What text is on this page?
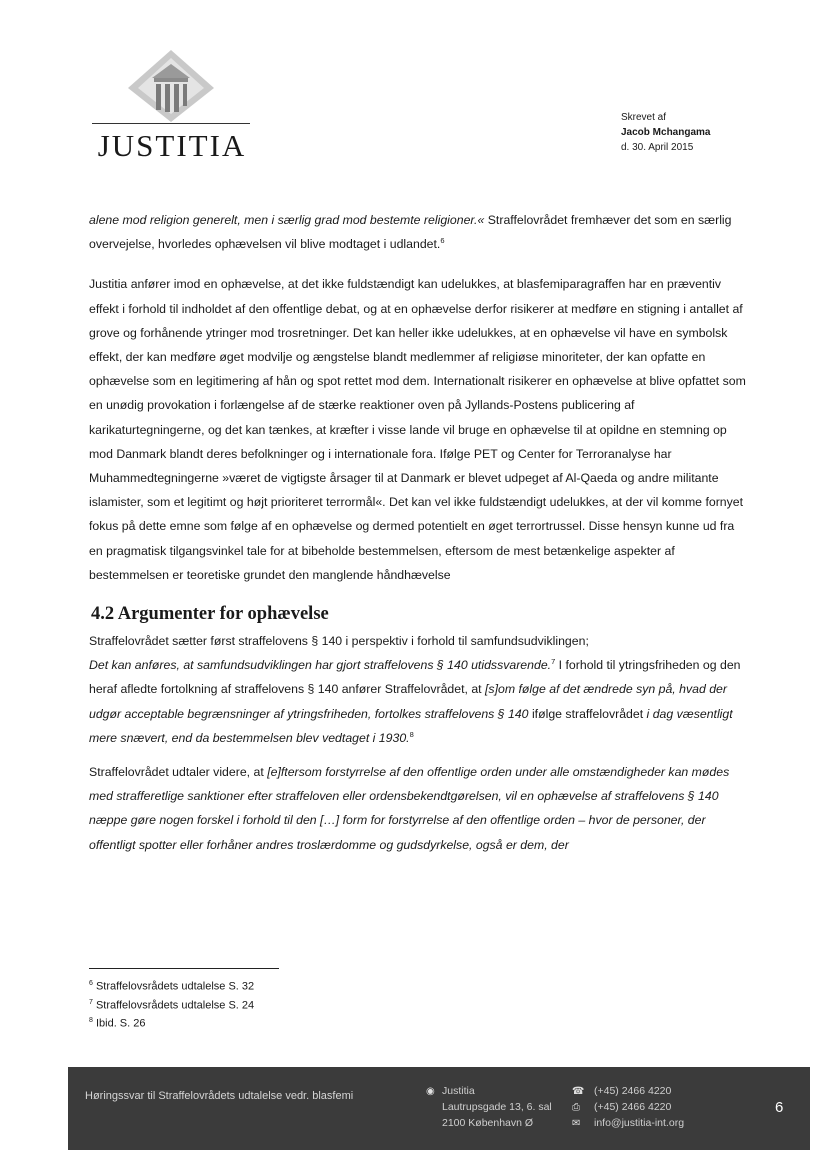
JUSTITIA
Skrevet af
Jacob Mchangama
d. 30. April 2015

alene mod religion generelt, men i særlig grad mod bestemte religioner.« Straffelovrådet fremhæver det som en særlig overvejelse, hvorledes ophævelsen vil blive modtaget i udlandet.$^6$

Justitia anfører imod en ophævelse, at det ikke fuldstændigt kan udelukkes, at blasfemiparagraffen har en præventiv effekt i forhold til indholdet af den offentlige debat, og at en ophævelse derfor risikerer at medføre en stigning i antallet af grove og forhånende ytringer mod trosretninger. Det kan heller ikke udelukkes, at en ophævelse vil have en symbolsk effekt, der kan medføre øget modvilje og ængstelse blandt medlemmer af religiøse minoriteter, der kan opfatte en ophævelse som en legitimering af hån og spot rettet mod dem. Internationalt risikerer en ophævelse at blive opfattet som en unødig provokation i forlængelse af de stærke reaktioner oven på Jyllands-Postens publicering af karikaturtegningerne, og det kan tænkes, at kræfter i visse lande vil bruge en ophævelse til at opildne en stemning op mod Danmark blandt deres befolkninger og i internationale fora. Ifølge PET og Center for Terroranalyse har Muhammedtegningerne »været de vigtigste årsager til at Danmark er blevet udpeget af Al-Qaeda og andre militante islamister, som et legitimt og højt prioriteret terrormål«. Det kan vel ikke fuldstændigt udelukkes, at der vil komme fornyet fokus på dette emne som følge af en ophævelse og dermed potentielt en øget terrortrussel. Disse hensyn kunne ud fra en pragmatisk tilgangsvinkel tale for at bibeholde bestemmelsen, eftersom de mest betænkelige aspekter af bestemmelsen er teoretiske grundet den manglende håndhævelse

4.2 Argumenter for ophævelse

Straffelovrådet sætter først straffelovens § 140 i perspektiv i forhold til samfundsudviklingen;
Det kan anføres, at samfundsudviklingen har gjort straffelovens § 140 utidssvarende.$^7$ I forhold til ytringsfriheden og den heraf afledte fortolkning af straffelovens § 140 anfører Straffelovrådet, at [s]om følge af det ændrede syn på, hvad der udgør acceptable begrænsninger af ytringsfriheden, fortolkes straffelovens § 140 ifølge straffelovrådet i dag væsentligt mere snævert, end da bestemmelsen blev vedtaget i 1930.$^8$

Straffelovrådet udtaler videre, at [e]ftersom forstyrrelse af den offentlige orden under alle omstændigheder kan mødes med strafferetlige sanktioner efter straffeloven eller ordensbekendtgørelsen, vil en ophævelse af straffelovens § 140 næppe gøre nogen forskel i forhold til den […] form for forstyrrelse af den offentlige orden – hvor de personer, der offentligt spotter eller forhåner andres troslærdomme og gudsdyrkelse, også er dem, der

$^6$ Straffelovsrådets udtalelse S. 32
$^7$ Straffelovsrådets udtalelse S. 24
$^8$ Ibid. S. 26
Høringssvar til Straffelovrådets udtalelse vedr. blasfemi	◉ Justitia
Lautrupsgade 13, 6. sal
2100 København Ø
☎ (+45) 2466 4220
⎙ (+45) 2466 4220
✉ info@justitia-int.org
6
